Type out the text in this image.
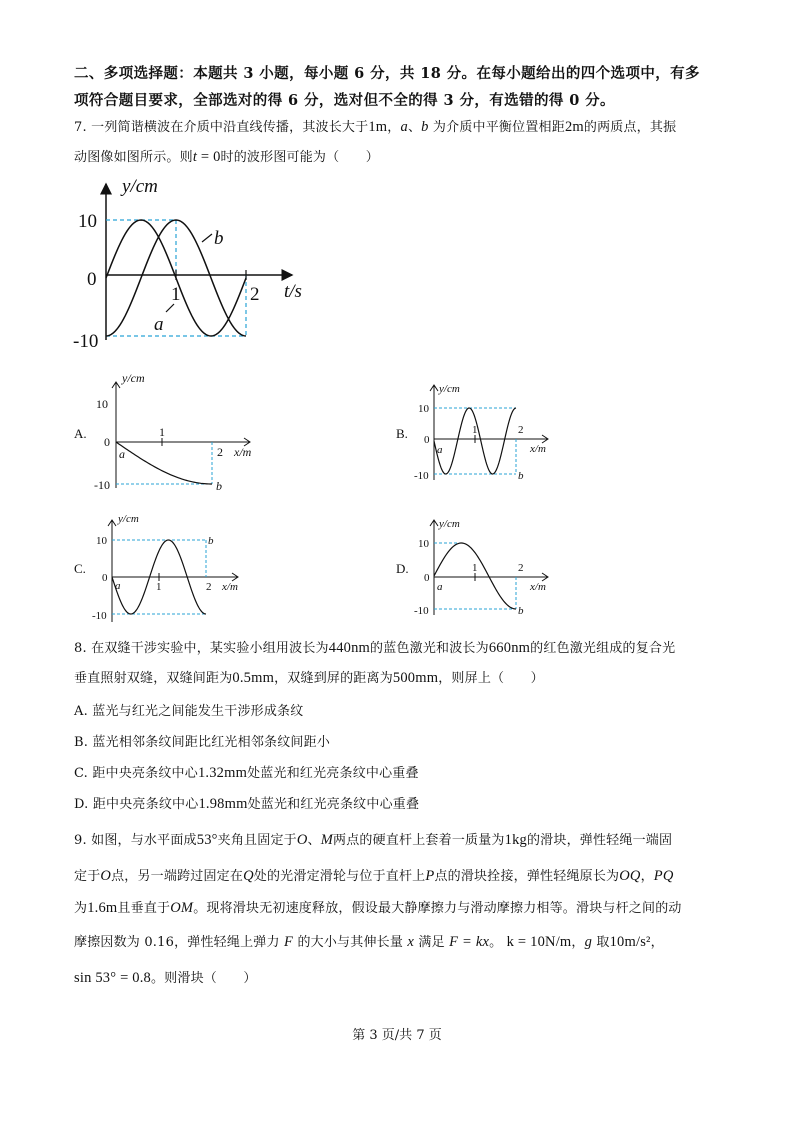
二、多项选择题：本题共 3 小题，每小题 6 分，共 18 分。在每小题给出的四个选项中，有多
项符合题目要求，全部选对的得 6 分，选对但不全的得 3 分，有选错的得 0 分。
7. 一列简谐横波在介质中沿直线传播，其波长大于1m，a、b 为介质中平衡位置相距2m的两质点，其振
动图像如图所示。则t = 0时的波形图可能为（　　）
y/cm
10
0
-10
1	2 t/s
b
a
A.
y/cm
10
0
-10
1
2 x/m
a
b
B.
y/cm
10
0
-10
1	2
x/m
a
b
C.
y/cm
10
0
-10
1	2 x/m
a
b
D.
y/cm
10
0
-10
1	2
x/m
a
b
8. 在双缝干涉实验中，某实验小组用波长为440nm的蓝色激光和波长为660nm的红色激光组成的复合光
垂直照射双缝，双缝间距为0.5mm，双缝到屏的距离为500mm，则屏上（　　）
A. 蓝光与红光之间能发生干涉形成条纹
B. 蓝光相邻条纹间距比红光相邻条纹间距小
C. 距中央亮条纹中心1.32mm处蓝光和红光亮条纹中心重叠
D. 距中央亮条纹中心1.98mm处蓝光和红光亮条纹中心重叠
9. 如图，与水平面成53°夹角且固定于O、M两点的硬直杆上套着一质量为1kg的滑块，弹性轻绳一端固
定于O点，另一端跨过固定在Q处的光滑定滑轮与位于直杆上P点的滑块拴接，弹性轻绳原长为OQ，PQ
为1.6m且垂直于OM。现将滑块无初速度释放，假设最大静摩擦力与滑动摩擦力相等。滑块与杆之间的动
摩擦因数为 0.16，弹性轻绳上弹力 F 的大小与其伸长量 x 满足 F = kx。 k = 10N/m，g 取10m/s²，
sin 53° = 0.8。则滑块（　　）
第 3 页/共 7 页
